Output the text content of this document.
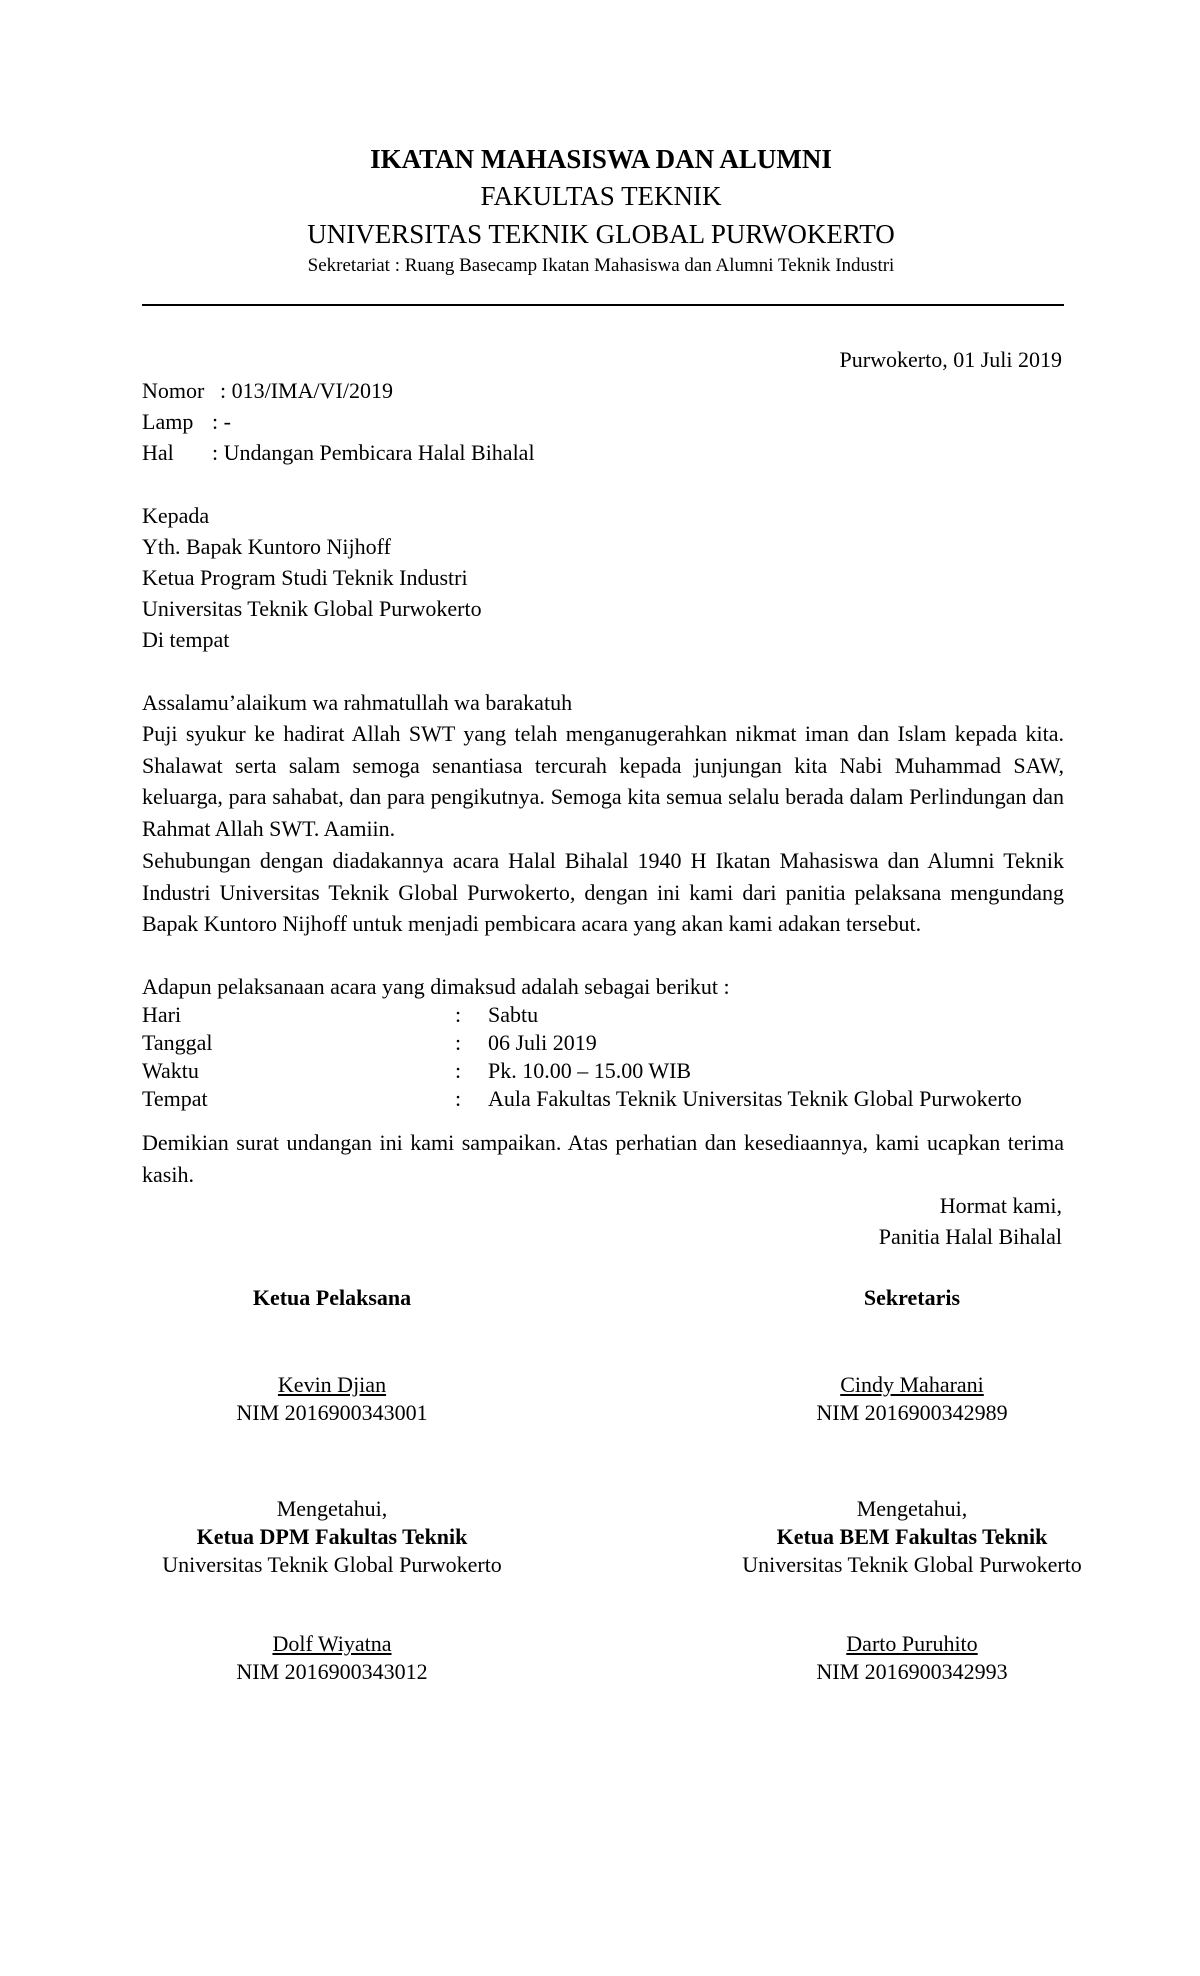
IKATAN MAHASISWA DAN ALUMNI
FAKULTAS TEKNIK
UNIVERSITAS TEKNIK GLOBAL PURWOKERTO
Sekretariat : Ruang Basecamp Ikatan Mahasiswa dan Alumni Teknik Industri
Purwokerto, 01 Juli 2019
Nomor : 013/IMA/VI/2019
Lamp : -
Hal : Undangan Pembicara Halal Bihalal
Kepada
Yth. Bapak Kuntoro Nijhoff
Ketua Program Studi Teknik Industri
Universitas Teknik Global Purwokerto
Di tempat
Assalamu’alaikum wa rahmatullah wa barakatuh
Puji syukur ke hadirat Allah SWT yang telah menganugerahkan nikmat iman dan Islam kepada kita. Shalawat serta salam semoga senantiasa tercurah kepada junjungan kita Nabi Muhammad SAW, keluarga, para sahabat, dan para pengikutnya. Semoga kita semua selalu berada dalam Perlindungan dan Rahmat Allah SWT. Aamiin.
Sehubungan dengan diadakannya acara Halal Bihalal 1940 H Ikatan Mahasiswa dan Alumni Teknik Industri Universitas Teknik Global Purwokerto, dengan ini kami dari panitia pelaksana mengundang Bapak Kuntoro Nijhoff untuk menjadi pembicara acara yang akan kami adakan tersebut.
Adapun pelaksanaan acara yang dimaksud adalah sebagai berikut :
Hari	: Sabtu
Tanggal	: 06 Juli 2019
Waktu	: Pk. 10.00 – 15.00 WIB
Tempat	: Aula Fakultas Teknik Universitas Teknik Global Purwokerto
Demikian surat undangan ini kami sampaikan. Atas perhatian dan kesediaannya, kami ucapkan terima kasih.
Hormat kami,
Panitia Halal Bihalal
Ketua Pelaksana	Sekretaris
Kevin Djian
NIM 2016900343001
Cindy Maharani
NIM 2016900342989
Mengetahui,
Ketua DPM Fakultas Teknik
Universitas Teknik Global Purwokerto
Mengetahui,
Ketua BEM Fakultas Teknik
Universitas Teknik Global Purwokerto
Dolf Wiyatna
NIM 2016900343012
Darto Puruhito
NIM 2016900342993
